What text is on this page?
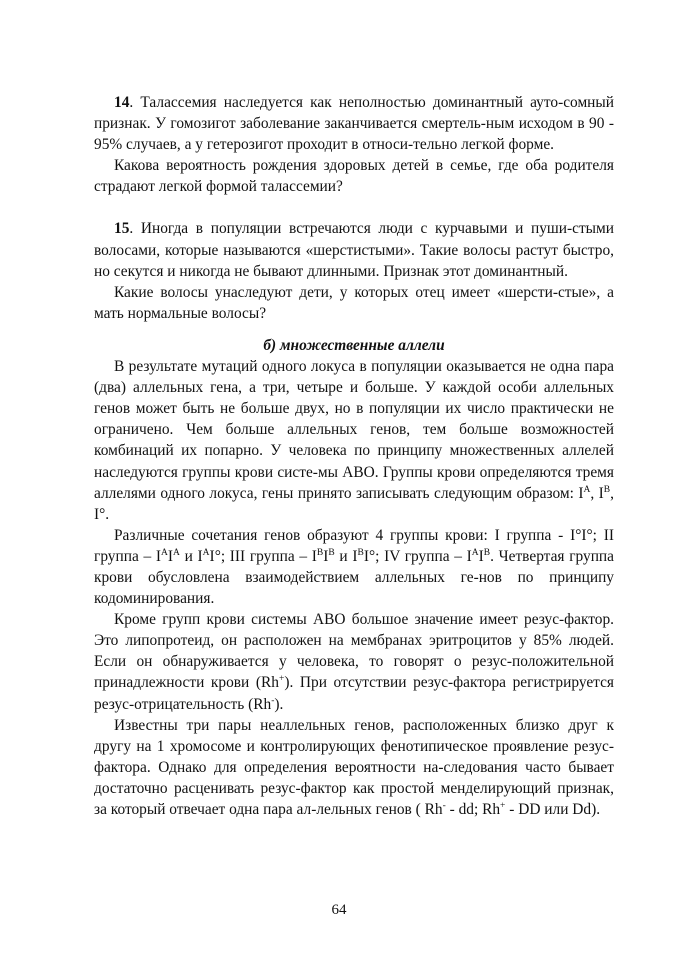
14. Талассемия наследуется как неполностью доминантный ауто-сомный признак. У гомозигот заболевание заканчивается смертель-ным исходом в 90 - 95% случаев, а у гетерозигот проходит в относи-тельно легкой форме.

Какова вероятность рождения здоровых детей в семье, где оба родителя страдают легкой формой талассемии?

15. Иногда в популяции встречаются люди с курчавыми и пуши-стыми волосами, которые называются «шерстистыми». Такие волосы растут быстро, но секутся и никогда не бывают длинными. Признак этот доминантный.

Какие волосы унаследуют дети, у которых отец имеет «шерсти-стые», а мать нормальные волосы?

б) множественные аллели

В результате мутаций одного локуса в популяции оказывается не одна пара (два) аллельных гена, а три, четыре и больше. У каждой особи аллельных генов может быть не больше двух, но в популяции их число практически не ограничено. Чем больше аллельных генов, тем больше возможностей комбинаций их попарно. У человека по принципу множественных аллелей наследуются группы крови систе-мы АВО. Группы крови определяются тремя аллелями одного локуса, гены принято записывать следующим образом: $I^A$, $I^B$, I°.

Различные сочетания генов образуют 4 группы крови: I группа - I°I°; II группа – $I^AI^A$ и $I^AI^\circ$; III группа – $I^BI^B$ и $I^BI^\circ$; IV группа – $I^AI^B$. Четвертая группа крови обусловлена взаимодействием аллельных ге-нов по принципу кодоминирования.

Кроме групп крови системы АВО большое значение имеет резус-фактор. Это липопротеид, он расположен на мембранах эритроцитов у 85% людей. Если он обнаруживается у человека, то говорят о резус-положительной принадлежности крови (Rh+). При отсутствии резус-фактора регистрируется резус-отрицательность (Rh-).

Известны три пары неаллельных генов, расположенных близко друг к другу на 1 хромосоме и контролирующих фенотипическое проявление резус-фактора. Однако для определения вероятности на-следования часто бывает достаточно расценивать резус-фактор как простой менделирующий признак, за который отвечает одна пара ал-лельных генов ( Rh- - dd; Rh+ - DD или Dd).

64
